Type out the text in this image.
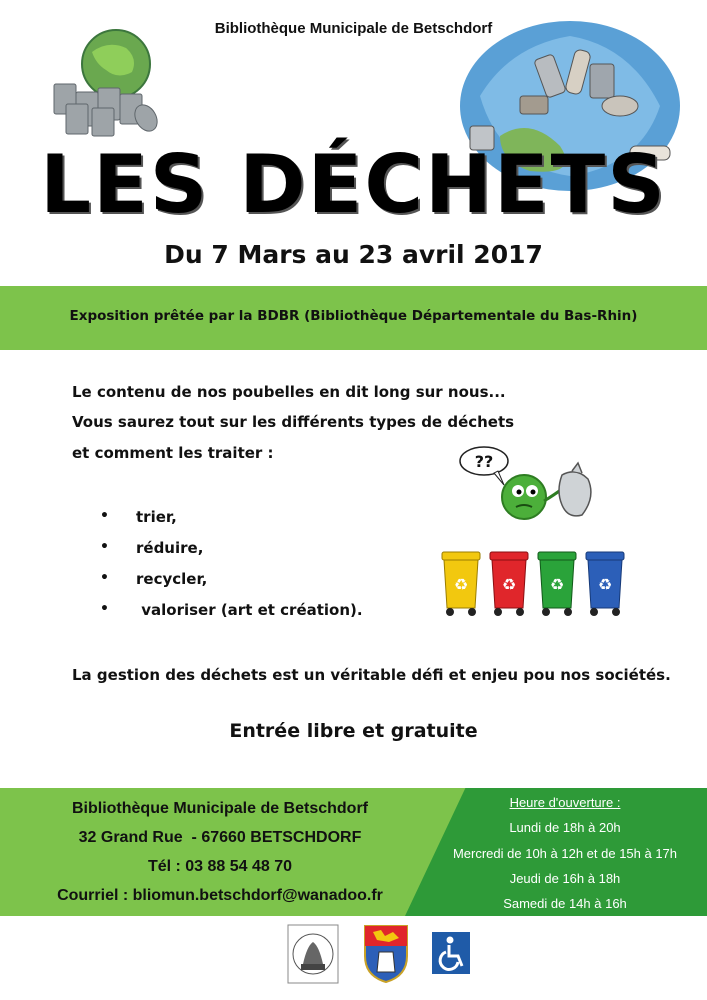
Bibliothèque Municipale de Betschdorf
LES DÉCHETS
Du 7 Mars au 23 avril 2017
Exposition prêtée par la BDBR (Bibliothèque Départementale du Bas-Rhin)
Le contenu de nos poubelles en dit long sur nous...
Vous saurez tout sur les différents types de déchets
et comment les traiter :
• trier,
• réduire,
• recycler,
• valoriser (art et création).
??
♻ ♻ ♻ ♻
La gestion des déchets est un véritable défi et enjeu pou nos sociétés.
Entrée libre et gratuite
Bibliothèque Municipale de Betschdorf
32 Grand Rue  - 67660 BETSCHDORF
Tél : 03 88 54 48 70
Courriel : bliomun.betschdorf@wanadoo.fr
Heure d'ouverture :
Lundi de 18h à 20h
Mercredi de 10h à 12h et de 15h à 17h
Jeudi de 16h à 18h
Samedi de 14h à 16h
